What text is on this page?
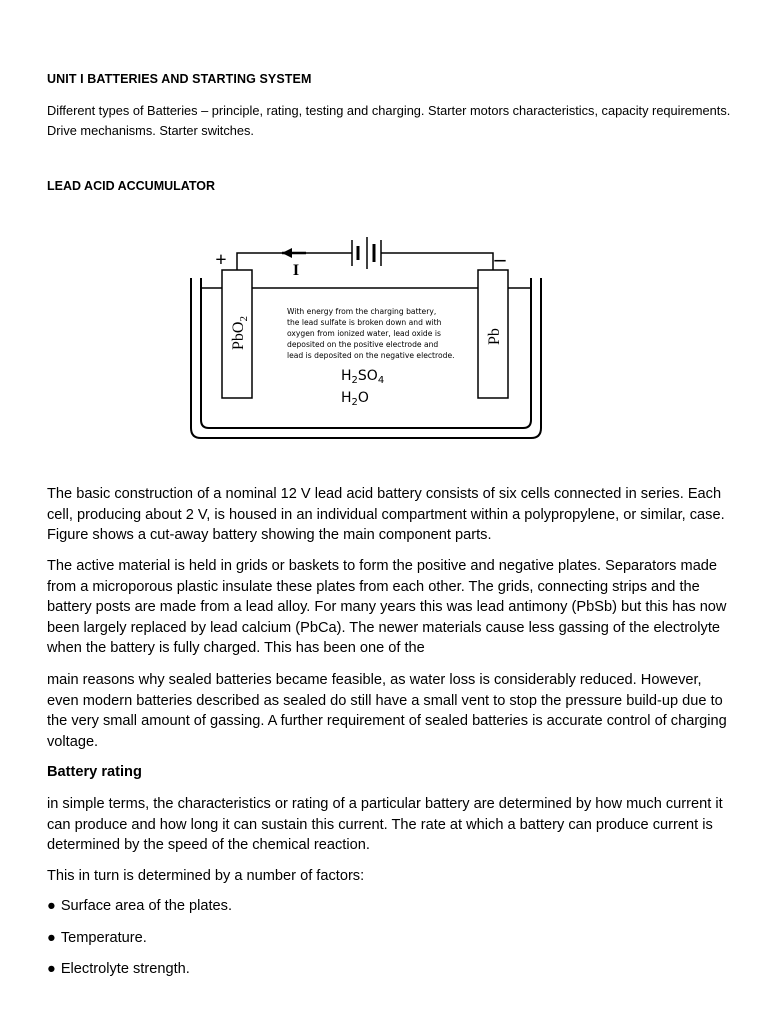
UNIT I BATTERIES AND STARTING SYSTEM
Different types of Batteries – principle, rating, testing and charging. Starter motors characteristics, capacity requirements. Drive mechanisms. Starter switches.
LEAD ACID ACCUMULATOR
+	–
I
PbO$_2$
Pb
With energy from the charging battery,
the lead sulfate is broken down and with
oxygen from ionized water, lead oxide is
deposited on the positive electrode and
lead is deposited on the negative electrode.
$H_2SO_4$
$H_2O$

The basic construction of a nominal 12 V lead acid battery consists of six cells connected in series. Each cell, producing about 2 V, is housed in an individual compartment within a polypropylene, or similar, case. Figure shows a cut-away battery showing the main component parts.

The active material is held in grids or baskets to form the positive and negative plates. Separators made from a microporous plastic insulate these plates from each other. The grids, connecting strips and the battery posts are made from a lead alloy. For many years this was lead antimony (PbSb) but this has now been largely replaced by lead calcium (PbCa). The newer materials cause less gassing of the electrolyte when the battery is fully charged. This has been one of the

main reasons why sealed batteries became feasible, as water loss is considerably reduced. However, even modern batteries described as sealed do still have a small vent to stop the pressure build-up due to the very small amount of gassing. A further requirement of sealed batteries is accurate control of charging voltage.

Battery rating

in simple terms, the characteristics or rating of a particular battery are determined by how much current it can produce and how long it can sustain this current. The rate at which a battery can produce current is determined by the speed of the chemical reaction.

This in turn is determined by a number of factors:

● Surface area of the plates.
● Temperature.
● Electrolyte strength.
